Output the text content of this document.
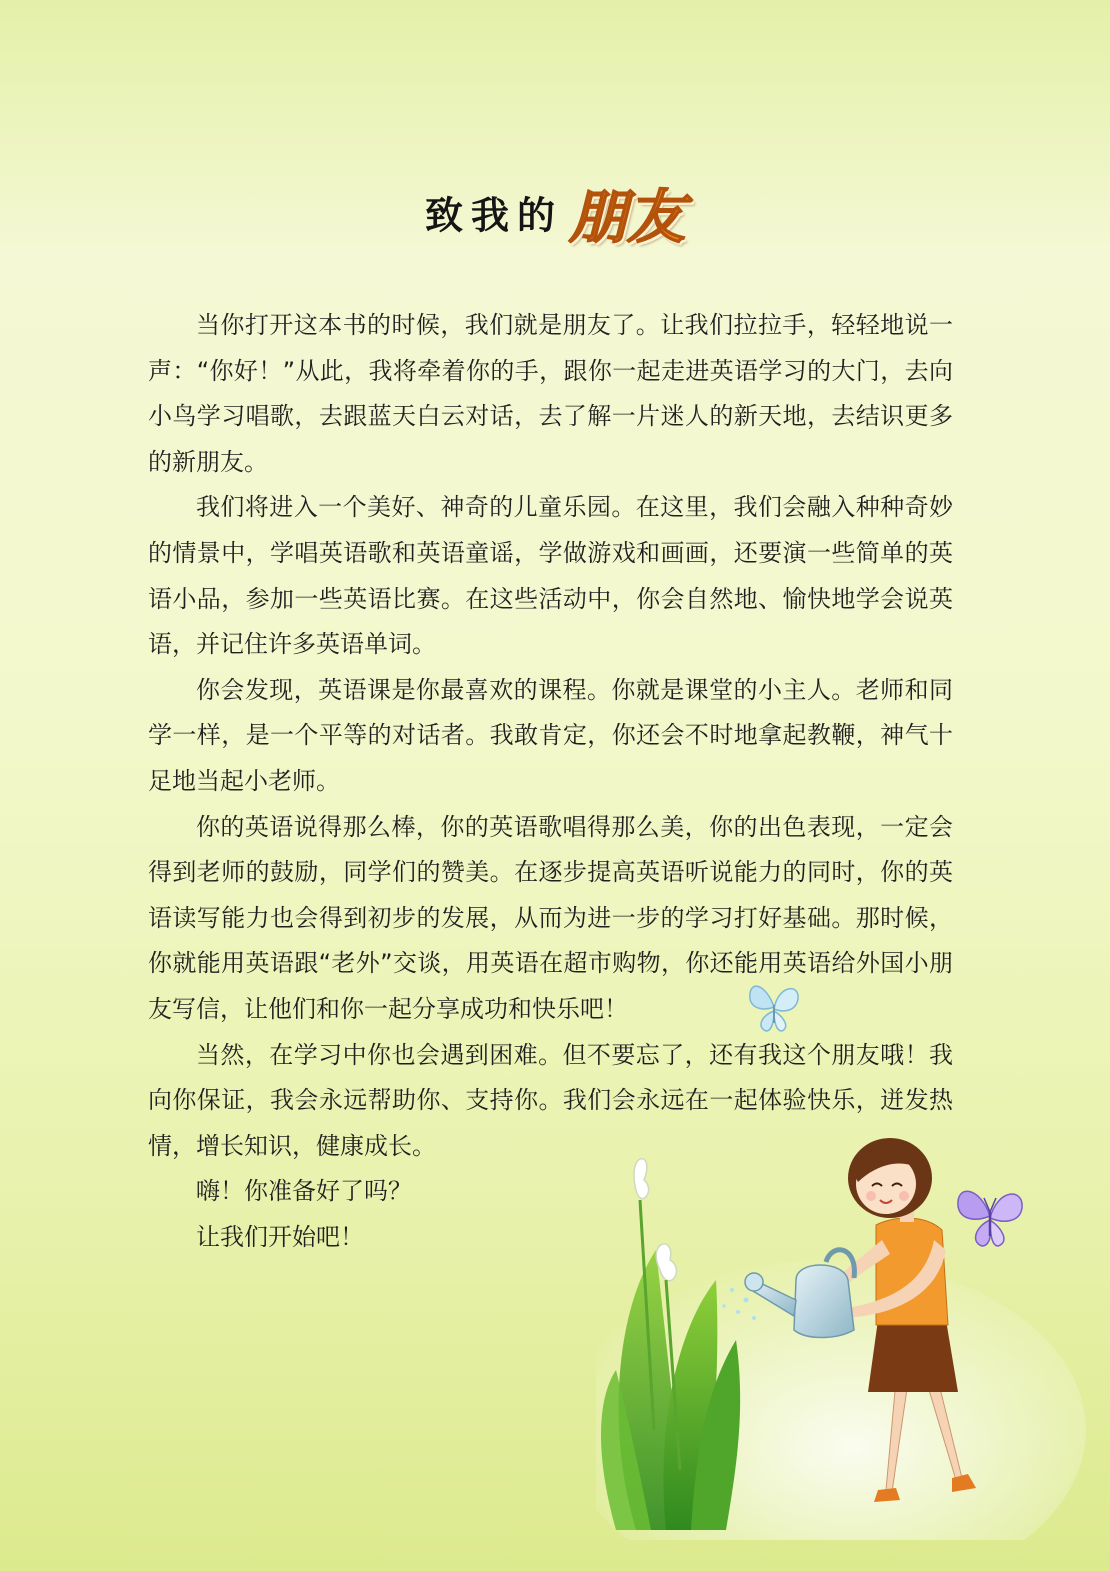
致我的 朋友

当你打开这本书的时候，我们就是朋友了。让我们拉拉手，轻轻地说一声：“你好！”从此，我将牵着你的手，跟你一起走进英语学习的大门，去向小鸟学习唱歌，去跟蓝天白云对话，去了解一片迷人的新天地，去结识更多的新朋友。

我们将进入一个美好、神奇的儿童乐园。在这里，我们会融入种种奇妙的情景中，学唱英语歌和英语童谣，学做游戏和画画，还要演一些简单的英语小品，参加一些英语比赛。在这些活动中，你会自然地、愉快地学会说英语，并记住许多英语单词。

你会发现，英语课是你最喜欢的课程。你就是课堂的小主人。老师和同学一样，是一个平等的对话者。我敢肯定，你还会不时地拿起教鞭，神气十足地当起小老师。

你的英语说得那么棒，你的英语歌唱得那么美，你的出色表现，一定会得到老师的鼓励，同学们的赞美。在逐步提高英语听说能力的同时，你的英语读写能力也会得到初步的发展，从而为进一步的学习打好基础。那时候，你就能用英语跟“老外”交谈，用英语在超市购物，你还能用英语给外国小朋友写信，让他们和你一起分享成功和快乐吧！

当然，在学习中你也会遇到困难。但不要忘了，还有我这个朋友哦！我向你保证，我会永远帮助你、支持你。我们会永远在一起体验快乐，迸发热情，增长知识，健康成长。

嗨！你准备好了吗？

让我们开始吧！
